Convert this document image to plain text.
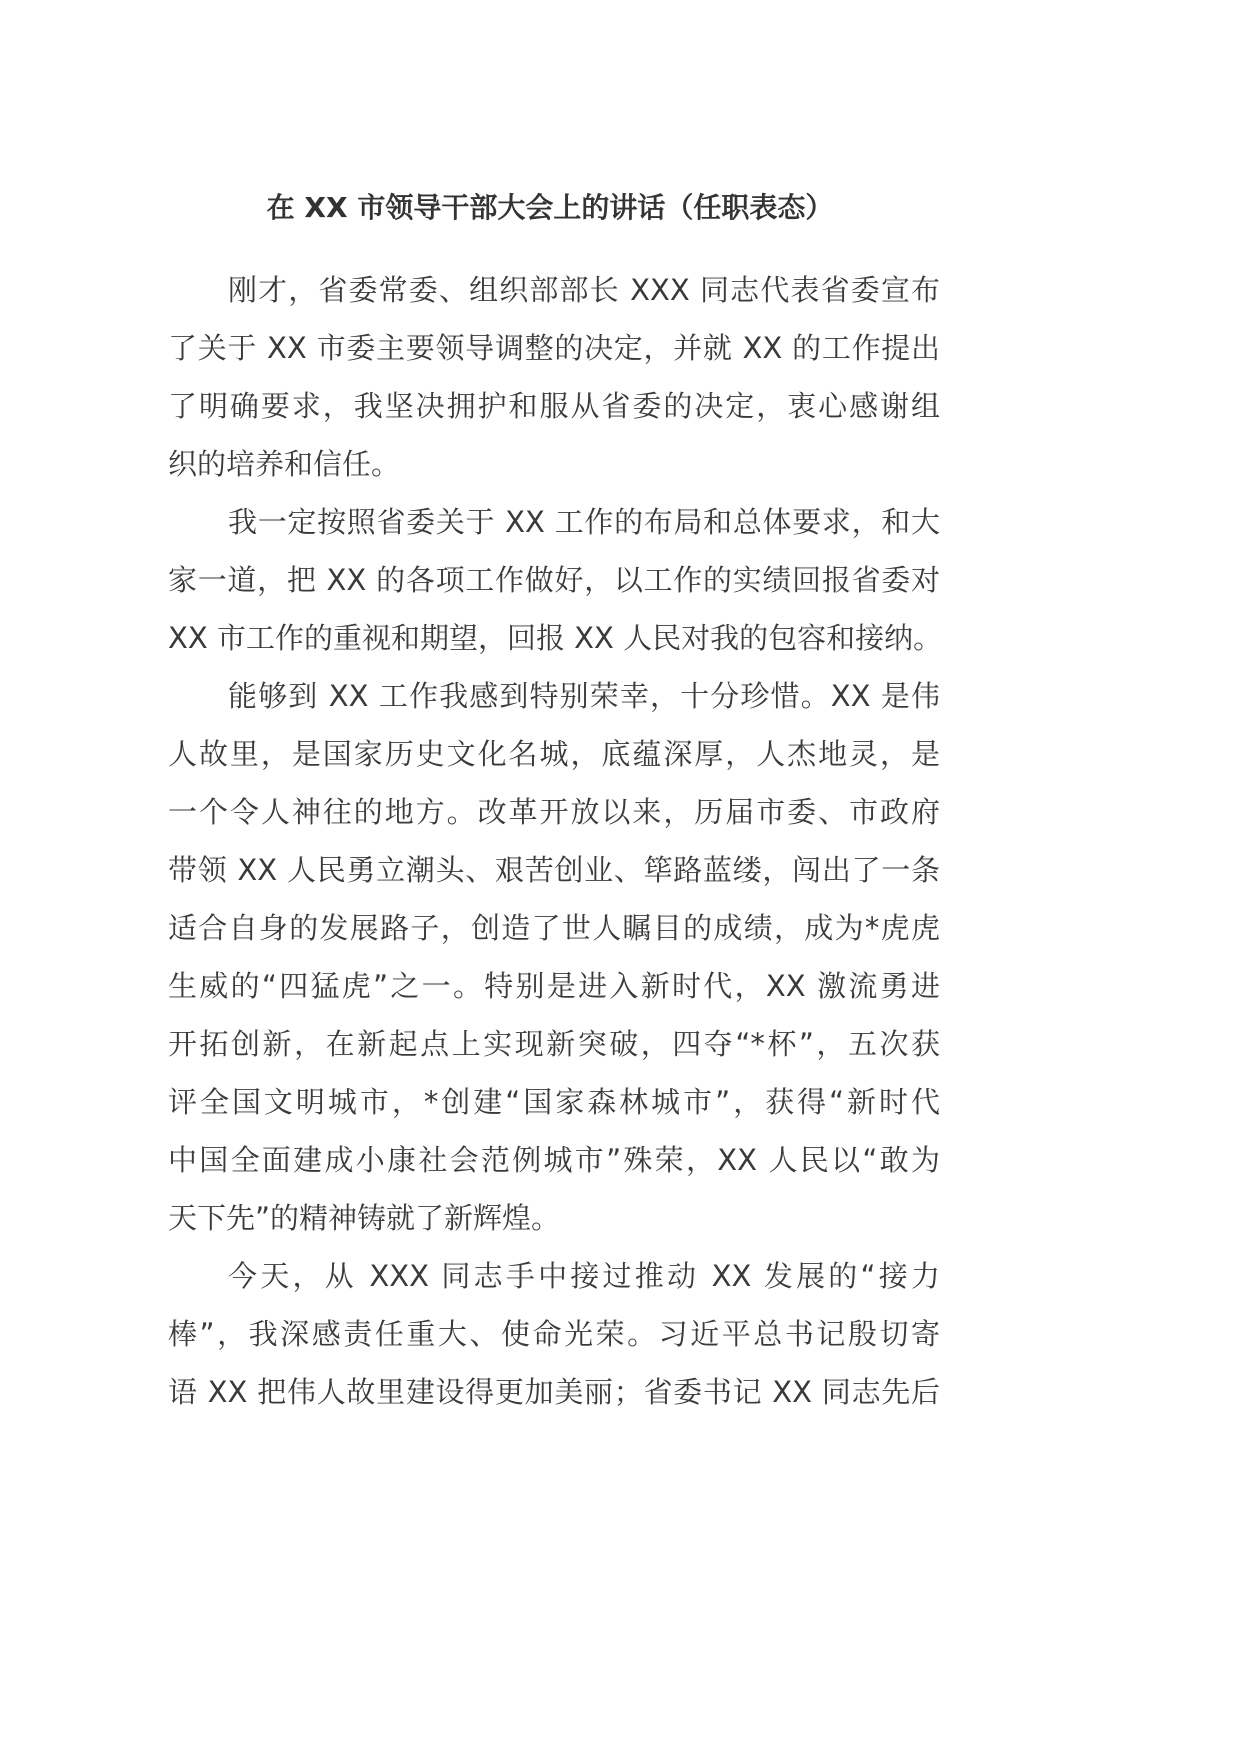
在 XX 市领导干部大会上的讲话（任职表态）
刚才，省委常委、组织部部长 XXX 同志代表省委宣布
了关于 XX 市委主要领导调整的决定，并就 XX 的工作提出
了明确要求，我坚决拥护和服从省委的决定，衷心感谢组
织的培养和信任。
我一定按照省委关于 XX 工作的布局和总体要求，和大
家一道，把 XX 的各项工作做好，以工作的实绩回报省委对
XX 市工作的重视和期望，回报 XX 人民对我的包容和接纳。
能够到 XX 工作我感到特别荣幸，十分珍惜。XX 是伟
人故里，是国家历史文化名城，底蕴深厚，人杰地灵，是
一个令人神往的地方。改革开放以来，历届市委、市政府
带领 XX 人民勇立潮头、艰苦创业、筚路蓝缕，闯出了一条
适合自身的发展路子，创造了世人瞩目的成绩，成为*虎虎
生威的“四猛虎”之一。特别是进入新时代，XX 激流勇进
开拓创新，在新起点上实现新突破，四夺“*杯”，五次获
评全国文明城市，*创建“国家森林城市”，获得“新时代
中国全面建成小康社会范例城市”殊荣，XX 人民以“敢为
天下先”的精神铸就了新辉煌。
今天，从 XXX 同志手中接过推动 XX 发展的“接力
棒”，我深感责任重大、使命光荣。习近平总书记殷切寄
语 XX 把伟人故里建设得更加美丽；省委书记 XX 同志先后
